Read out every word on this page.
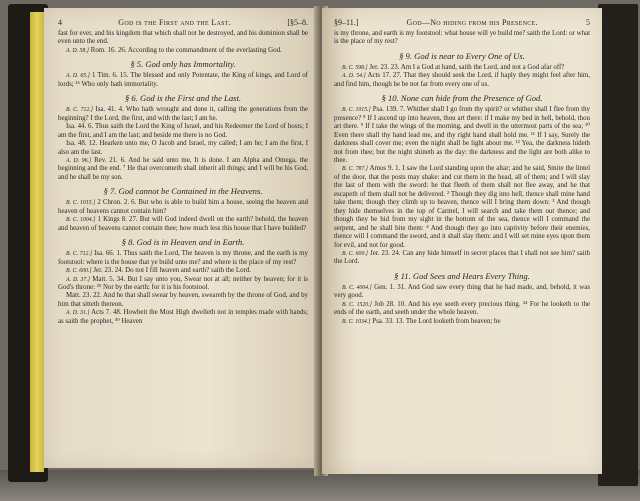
4	God is the First and the Last.	[§5–8.

fast for ever, and his kingdom that which shall not be destroyed, and his dominion shall be even unto the end.

A. D. 58.] Rom. 16. 26. According to the commandment of the everlasting God.

§ 5. God only has Immortality.

A. D. 65.] 1 Tim. 6. 15. The blessed and only Potentate, the King of kings, and Lord of lords; ¹⁶ Who only hath immortality.

§ 6. God is the First and the Last.

B. C. 712.] Isa. 41. 4. Who hath wrought and done it, calling the generations from the beginning? I the Lord, the first, and with the last; I am he.

Isa. 44. 6. Thus saith the Lord the King of Israel, and his Redeemer the Lord of hosts; I am the first, and I am the last; and beside me there is no God.

Isa. 48. 12. Hearken unto me, O Jacob and Israel, my called; I am he; I am the first, I also am the last.

A. D. 96.] Rev. 21. 6. And he said unto me, It is done. I am Alpha and Omega, the beginning and the end. ⁷ He that overcometh shall inherit all things; and I will be his God, and he shall be my son.

§ 7. God cannot be Contained in the Heavens.

B. C. 1015.] 2 Chron. 2. 6. But who is able to build him a house, seeing the heaven and heaven of heavens cannot contain him?

B. C. 1004.] 1 Kings 8. 27. But will God indeed dwell on the earth? behold, the heaven and heaven of heavens cannot contain thee; how much less this house that I have builded?

§ 8. God is in Heaven and in Earth.

B. C. 712.] Isa. 66. 1. Thus saith the Lord, The heaven is my throne, and the earth is my footstool: where is the house that ye build unto me? and where is the place of my rest?

B. C. 600.] Jer. 23. 24. Do not I fill heaven and earth? saith the Lord.

A. D. 37.] Matt. 5. 34. But I say unto you, Swear not at all; neither by heaven; for it is God's throne: ³⁵ Nor by the earth; for it is his footstool.

Matt. 23. 22. And he that shall swear by heaven, sweareth by the throne of God, and by him that sitteth thereon.

A. D. 31.] Acts 7. 48. Howbeit the Most High dwelleth not in temples made with hands; as saith the prophet, ⁴⁹ Heaven

§9–11.]	God—No hiding from his Presence.	5

is my throne, and earth is my footstool: what house will ye build me? saith the Lord: or what is the place of my rest?

§ 9. God is near to Every One of Us.

B. C. 598.] Jer. 23. 23. Am I a God at hand, saith the Lord, and not a God afar off?

A. D. 54.] Acts 17. 27. That they should seek the Lord, if haply they might feel after him, and find him, though he be not far from every one of us.

§ 10. None can hide from the Presence of God.

B. C. 1015.] Psa. 139. 7. Whither shall I go from thy spirit? or whither shall I flee from thy presence? ⁸ If I ascend up into heaven, thou art there: if I make my bed in hell, behold, thou art there. ⁹ If I take the wings of the morning, and dwell in the uttermost parts of the sea; ¹⁰ Even there shall thy hand lead me, and thy right hand shall hold me. ¹¹ If I say, Surely the darkness shall cover me; even the night shall be light about me. ¹² Yea, the darkness hideth not from thee; but the night shineth as the day: the darkness and the light are both alike to thee.

B. C. 787.] Amos 9. 1. I saw the Lord standing upon the altar; and he said, Smite the lintel of the door, that the posts may shake: and cut them in the head, all of them; and I will slay the last of them with the sword: he that fleeth of them shall not flee away, and he that escapeth of them shall not be delivered. ² Though they dig into hell, thence shall mine hand take them; though they climb up to heaven, thence will I bring them down: ³ And though they hide themselves in the top of Carmel, I will search and take them out thence; and though they be hid from my sight in the bottom of the sea, thence will I command the serpent, and he shall bite them: ⁴ And though they go into captivity before their enemies, thence will I command the sword, and it shall slay them: and I will set mine eyes upon them for evil, and not for good.

B. C. 600.] Jer. 23. 24. Can any hide himself in secret places that I shall not see him? saith the Lord.

§ 11. God Sees and Hears Every Thing.

B. C. 4004.] Gen. 1. 31. And God saw every thing that he had made, and, behold, it was very good.

B. C. 1520.] Job 28. 10. And his eye seeth every precious thing. ²⁴ For he looketh to the ends of the earth, and seeth under the whole heaven.

B. C. 1034.] Psa. 33. 13. The Lord looketh from heaven; he
